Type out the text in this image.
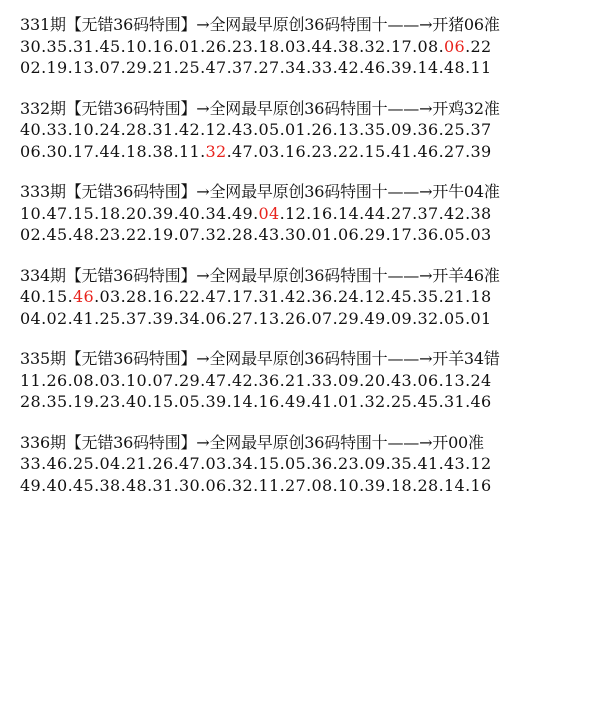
331期【无错36码特围】→全网最早原创36码特围十——→开猪06准
30.35.31.45.10.16.01.26.23.18.03.44.38.32.17.08.06.22
02.19.13.07.29.21.25.47.37.27.34.33.42.46.39.14.48.11
332期【无错36码特围】→全网最早原创36码特围十——→开鸡32准
40.33.10.24.28.31.42.12.43.05.01.26.13.35.09.36.25.37
06.30.17.44.18.38.11.32.47.03.16.23.22.15.41.46.27.39
333期【无错36码特围】→全网最早原创36码特围十——→开牛04准
10.47.15.18.20.39.40.34.49.04.12.16.14.44.27.37.42.38
02.45.48.23.22.19.07.32.28.43.30.01.06.29.17.36.05.03
334期【无错36码特围】→全网最早原创36码特围十——→开羊46准
40.15.46.03.28.16.22.47.17.31.42.36.24.12.45.35.21.18
04.02.41.25.37.39.34.06.27.13.26.07.29.49.09.32.05.01
335期【无错36码特围】→全网最早原创36码特围十——→开羊34错
11.26.08.03.10.07.29.47.42.36.21.33.09.20.43.06.13.24
28.35.19.23.40.15.05.39.14.16.49.41.01.32.25.45.31.46
336期【无错36码特围】→全网最早原创36码特围十——→开00准
33.46.25.04.21.26.47.03.34.15.05.36.23.09.35.41.43.12
49.40.45.38.48.31.30.06.32.11.27.08.10.39.18.28.14.16
